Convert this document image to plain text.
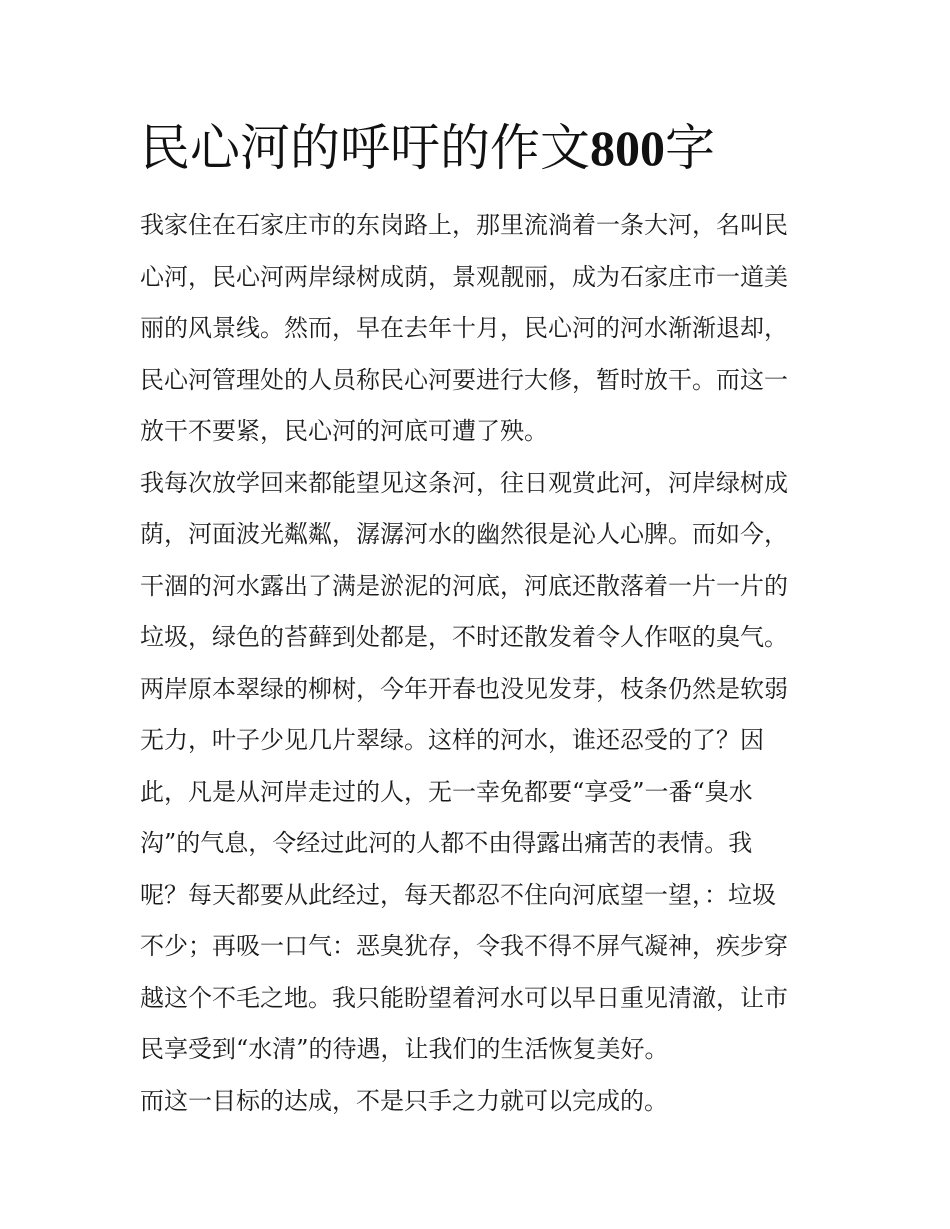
民心河的呼吁的作文800字
我家住在石家庄市的东岗路上，那里流淌着一条大河，名叫民
心河，民心河两岸绿树成荫，景观靓丽，成为石家庄市一道美
丽的风景线。然而，早在去年十月，民心河的河水渐渐退却，
民心河管理处的人员称民心河要进行大修，暂时放干。而这一
放干不要紧，民心河的河底可遭了殃。
我每次放学回来都能望见这条河，往日观赏此河，河岸绿树成
荫，河面波光粼粼，潺潺河水的幽然很是沁人心脾。而如今，
干涸的河水露出了满是淤泥的河底，河底还散落着一片一片的
垃圾，绿色的苔藓到处都是，不时还散发着令人作呕的臭气。
两岸原本翠绿的柳树，今年开春也没见发芽，枝条仍然是软弱
无力，叶子少见几片翠绿。这样的河水，谁还忍受的了？因
此，凡是从河岸走过的人，无一幸免都要“享受”一番“臭水
沟”的气息，令经过此河的人都不由得露出痛苦的表情。我
呢？每天都要从此经过，每天都忍不住向河底望一望，：垃圾
不少；再吸一口气：恶臭犹存，令我不得不屏气凝神，疾步穿
越这个不毛之地。我只能盼望着河水可以早日重见清澈，让市
民享受到“水清”的待遇，让我们的生活恢复美好。
而这一目标的达成，不是只手之力就可以完成的。
